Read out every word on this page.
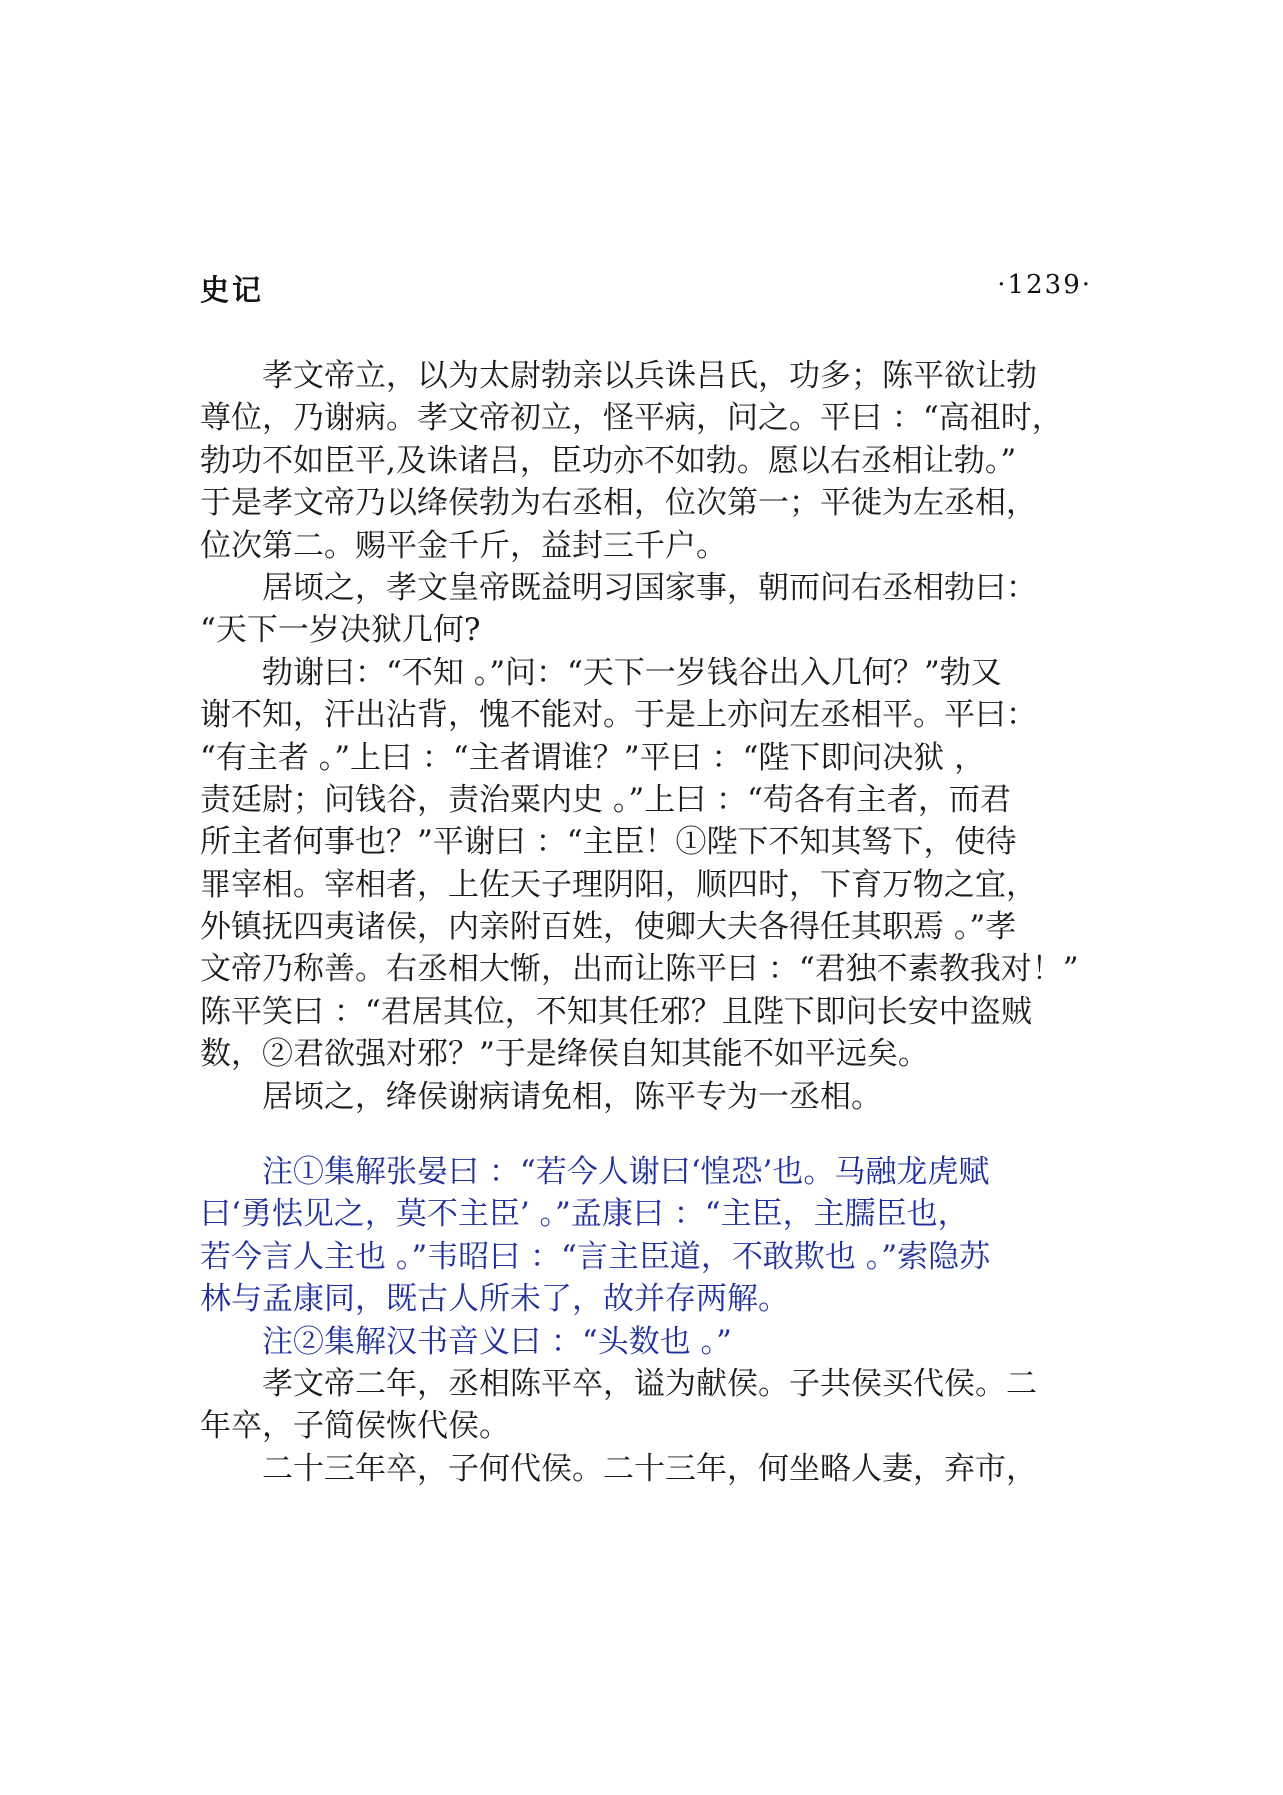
史记	·1239·
　　孝文帝立，以为太尉勃亲以兵诛吕氏，功多；陈平欲让勃
尊位，乃谢病。孝文帝初立，怪平病，问之。平曰 ：“高祖时，
勃功不如臣平,及诛诸吕，臣功亦不如勃。愿以右丞相让勃。”
于是孝文帝乃以绛侯勃为右丞相，位次第一；平徙为左丞相，
位次第二。赐平金千斤，益封三千户。
　　居顷之，孝文皇帝既益明习国家事，朝而问右丞相勃曰：
“天下一岁决狱几何?
　　勃谢曰：“不知 。”问：“天下一岁钱谷出入几何？”勃又
谢不知，汗出沾背，愧不能对。于是上亦问左丞相平。平曰：
“有主者 。”上曰 ：“主者谓谁？”平曰 ：“陛下即问决狱 ，
责廷尉；问钱谷，责治粟内史 。”上曰 ：“苟各有主者，而君
所主者何事也？”平谢曰 ：“主臣！①陛下不知其驽下，使待
罪宰相。宰相者，上佐天子理阴阳，顺四时，下育万物之宜，
外镇抚四夷诸侯，内亲附百姓，使卿大夫各得任其职焉 。”孝
文帝乃称善。右丞相大惭，出而让陈平曰 ：“君独不素教我对！”
陈平笑曰 ：“君居其位，不知其任邪？且陛下即问长安中盗贼
数，②君欲强对邪？”于是绛侯自知其能不如平远矣。
　　居顷之，绛侯谢病请免相，陈平专为一丞相。
　　注①集解张晏曰 ：“若今人谢曰‘惶恐’也。马融龙虎赋
曰‘勇怯见之，莫不主臣’ 。”孟康曰 ：“主臣，主臑臣也，
若今言人主也 。”韦昭曰 ：“言主臣道，不敢欺也 。”索隐苏
林与孟康同，既古人所未了，故并存两解。
　　注②集解汉书音义曰 ：“头数也 。”
　　孝文帝二年，丞相陈平卒，谥为献侯。子共侯买代侯。二
年卒，子简侯恢代侯。
　　二十三年卒，子何代侯。二十三年，何坐略人妻，弃市，
